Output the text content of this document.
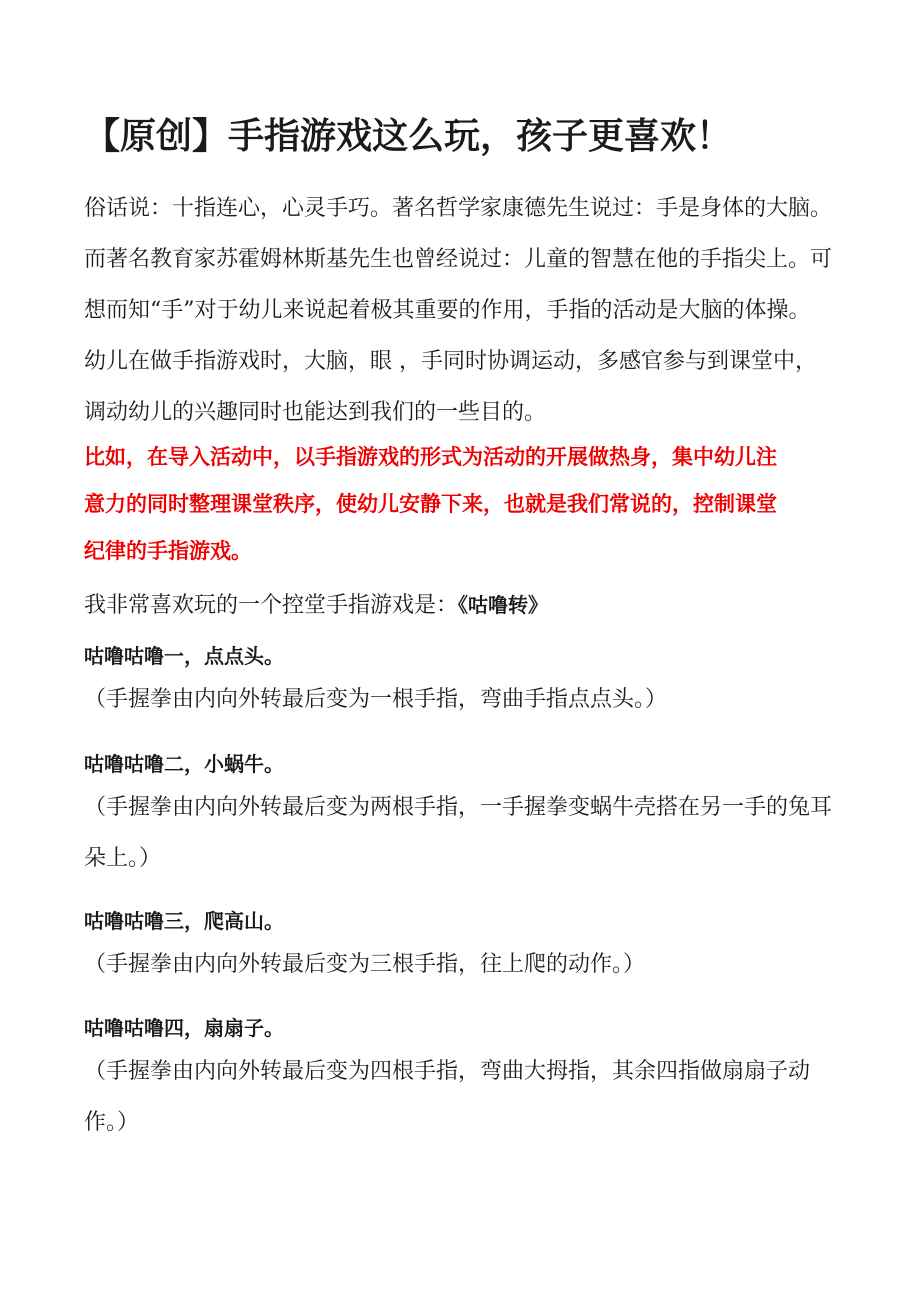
【原创】手指游戏这么玩，孩子更喜欢！
俗话说：十指连心，心灵手巧。著名哲学家康德先生说过：手是身体的大脑。
而著名教育家苏霍姆林斯基先生也曾经说过：儿童的智慧在他的手指尖上。可
想而知“手”对于幼儿来说起着极其重要的作用，手指的活动是大脑的体操。
幼儿在做手指游戏时，大脑，眼 ，手同时协调运动，多感官参与到课堂中，
调动幼儿的兴趣同时也能达到我们的一些目的。
比如，在导入活动中，以手指游戏的形式为活动的开展做热身，集中幼儿注
意力的同时整理课堂秩序，使幼儿安静下来，也就是我们常说的，控制课堂
纪律的手指游戏。
我非常喜欢玩的一个控堂手指游戏是：《咕噜转》
咕噜咕噜一，点点头。
（手握拳由内向外转最后变为一根手指，弯曲手指点点头。）
咕噜咕噜二，小蜗牛。
（手握拳由内向外转最后变为两根手指，一手握拳变蜗牛壳搭在另一手的兔耳
朵上。）
咕噜咕噜三，爬高山。
（手握拳由内向外转最后变为三根手指，往上爬的动作。）
咕噜咕噜四，扇扇子。
（手握拳由内向外转最后变为四根手指，弯曲大拇指，其余四指做扇扇子动
作。）
